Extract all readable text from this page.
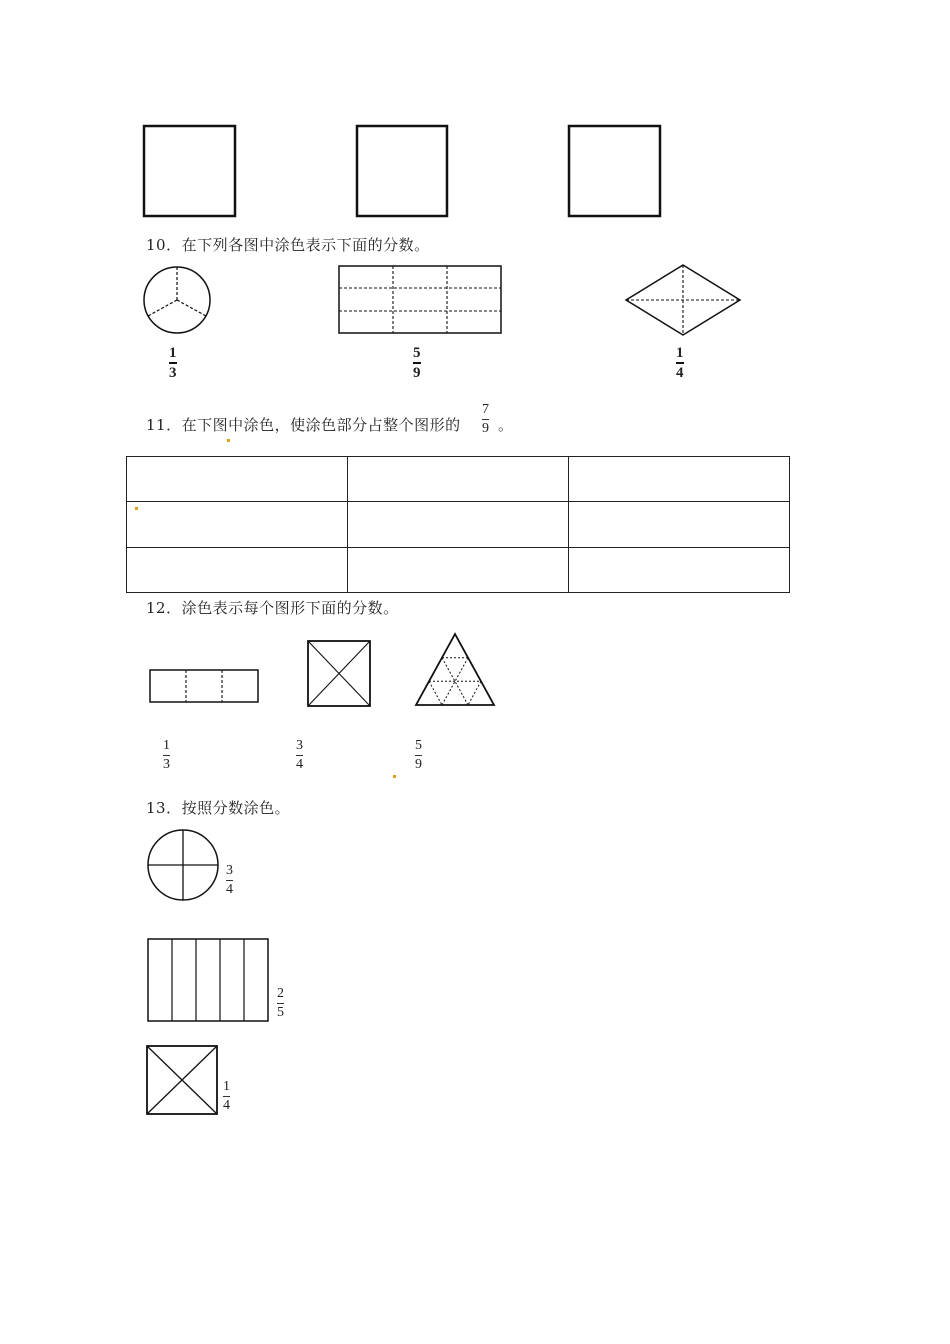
10．在下列各图中涂色表示下面的分数。
1
3
5
9
1
4
11．在下图中涂色，使涂色部分占整个图形的
7
9 。

12．涂色表示每个图形下面的分数。
1
3
3
4
5
9
13．按照分数涂色。
3
4
2
5
1
4
